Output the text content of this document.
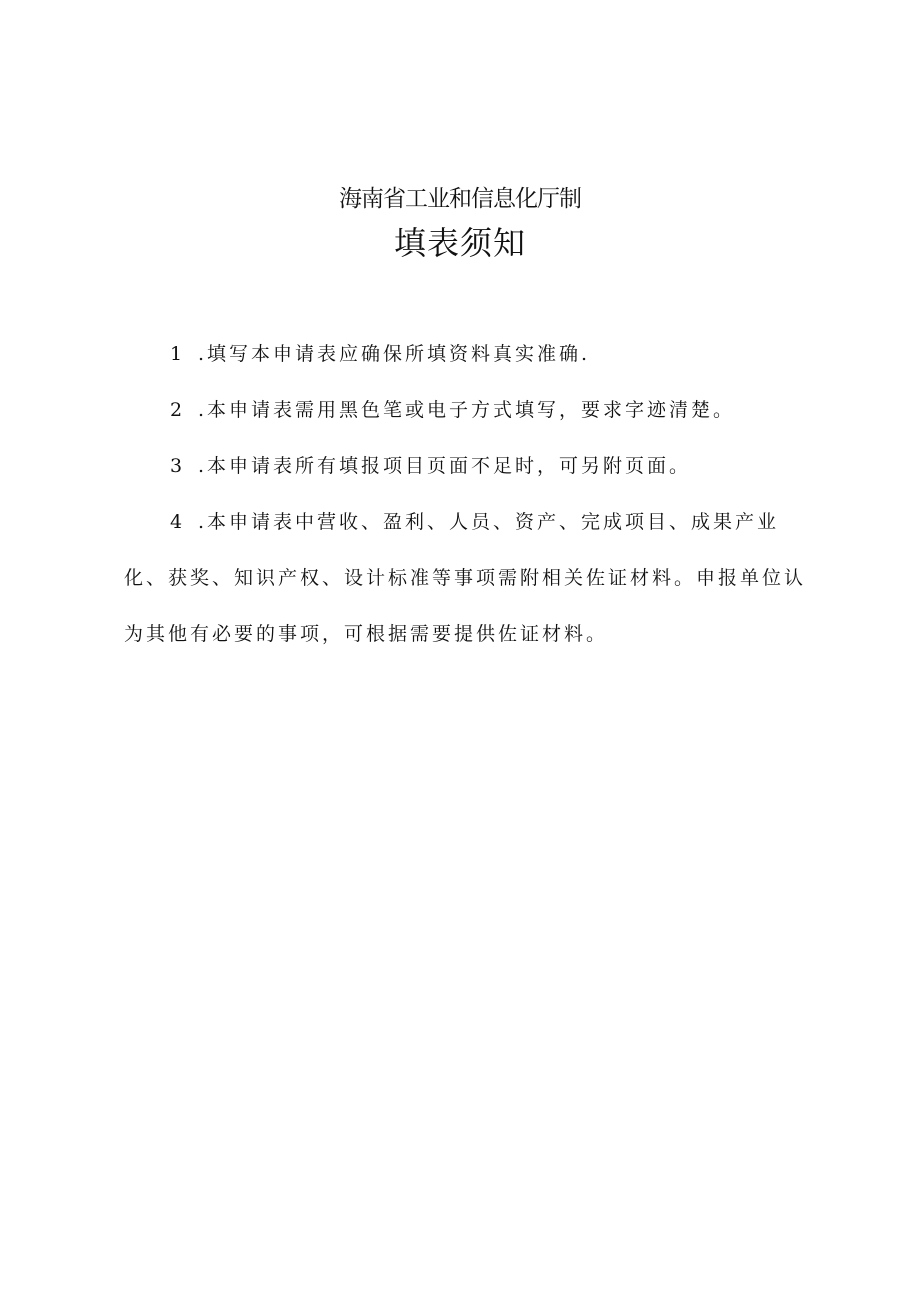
海南省工业和信息化厅制
填表须知

1 .填写本申请表应确保所填资料真实准确.

2 .本申请表需用黑色笔或电子方式填写，要求字迹清楚。

3 .本申请表所有填报项目页面不足时，可另附页面。

4 .本申请表中营收、盈利、人员、资产、完成项目、成果产业化、获奖、知识产权、设计标准等事项需附相关佐证材料。申报单位认为其他有必要的事项，可根据需要提供佐证材料。
